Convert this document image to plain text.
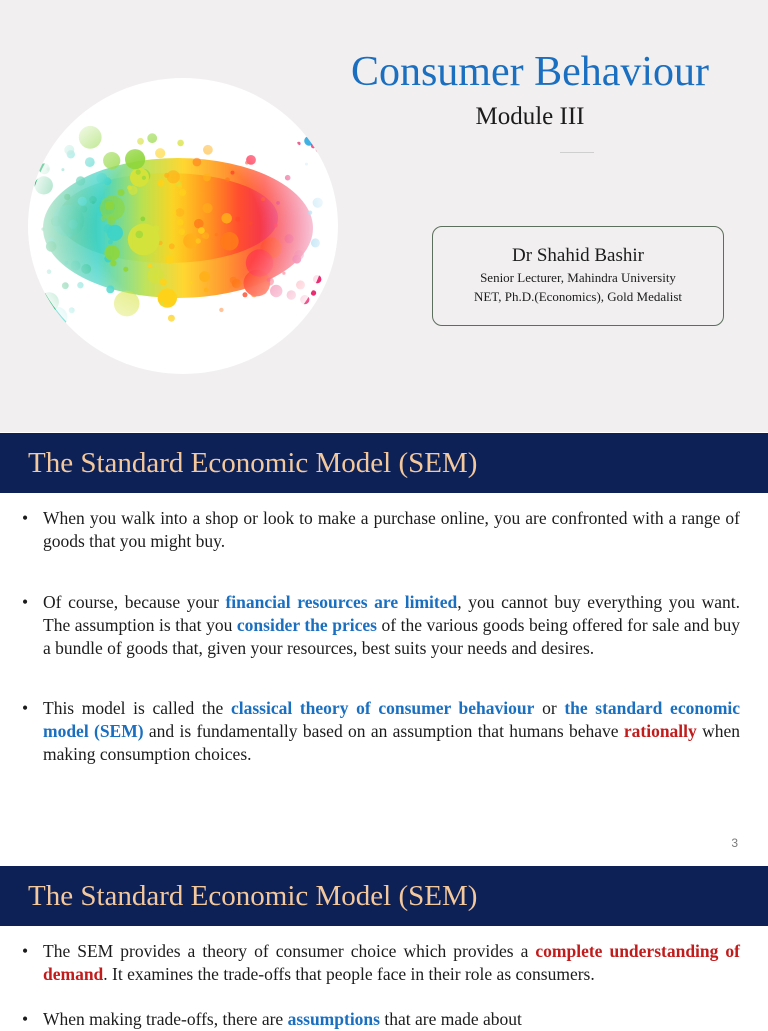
Consumer Behaviour
Module III
Dr Shahid Bashir
Senior Lecturer, Mahindra University
NET, Ph.D.(Economics), Gold Medalist
The Standard Economic Model (SEM)

• When you walk into a shop or look to make a purchase online, you are confronted with a range of goods that you might buy.

• Of course, because your financial resources are limited, you cannot buy everything you want. The assumption is that you consider the prices of the various goods being offered for sale and buy a bundle of goods that, given your resources, best suits your needs and desires.

• This model is called the classical theory of consumer behaviour or the standard economic model (SEM) and is fundamentally based on an assumption that humans behave rationally when making consumption choices.

3
The Standard Economic Model (SEM)

• The SEM provides a theory of consumer choice which provides a complete understanding of demand. It examines the trade-offs that people face in their role as consumers.

• When making trade-offs, there are assumptions that are made about
